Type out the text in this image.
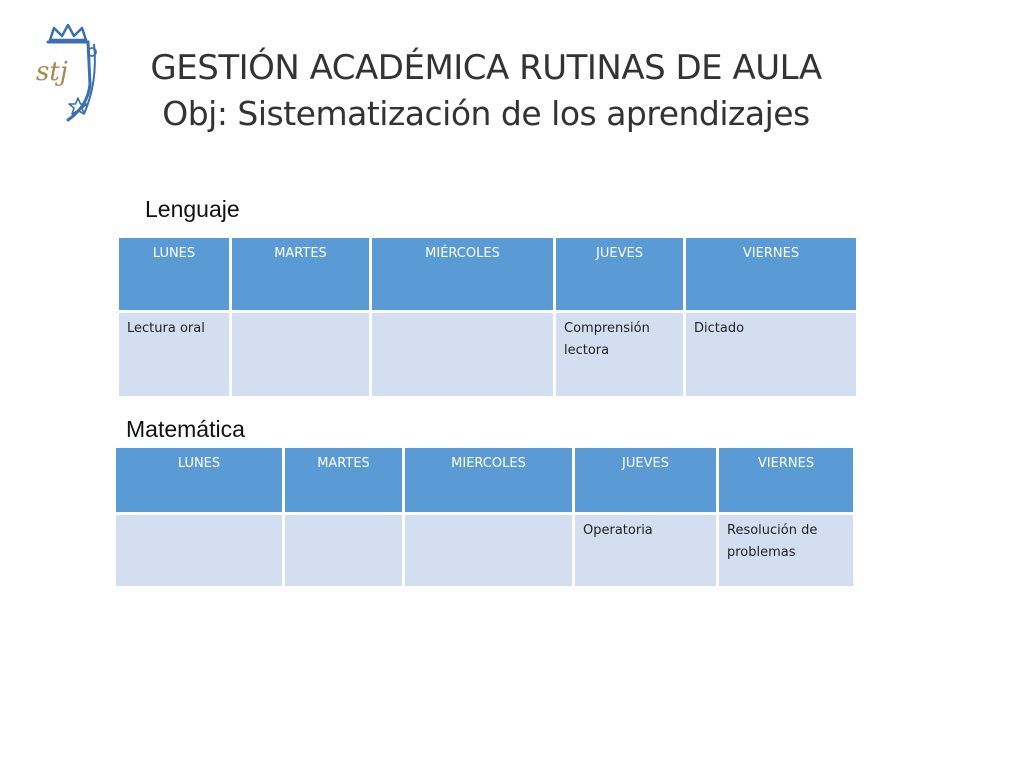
stj	GESTIÓN ACADÉMICA RUTINAS DE AULA
Obj: Sistematización de los aprendizajes

Lenguaje

LUNES	MARTES	MIÉRCOLES	JUEVES	VIERNES
Lectura oral			Comprensión lectora	Dictado

Matemática

LUNES	MARTES	MIERCOLES	JUEVES	VIERNES
			Operatoria	Resolución de problemas
